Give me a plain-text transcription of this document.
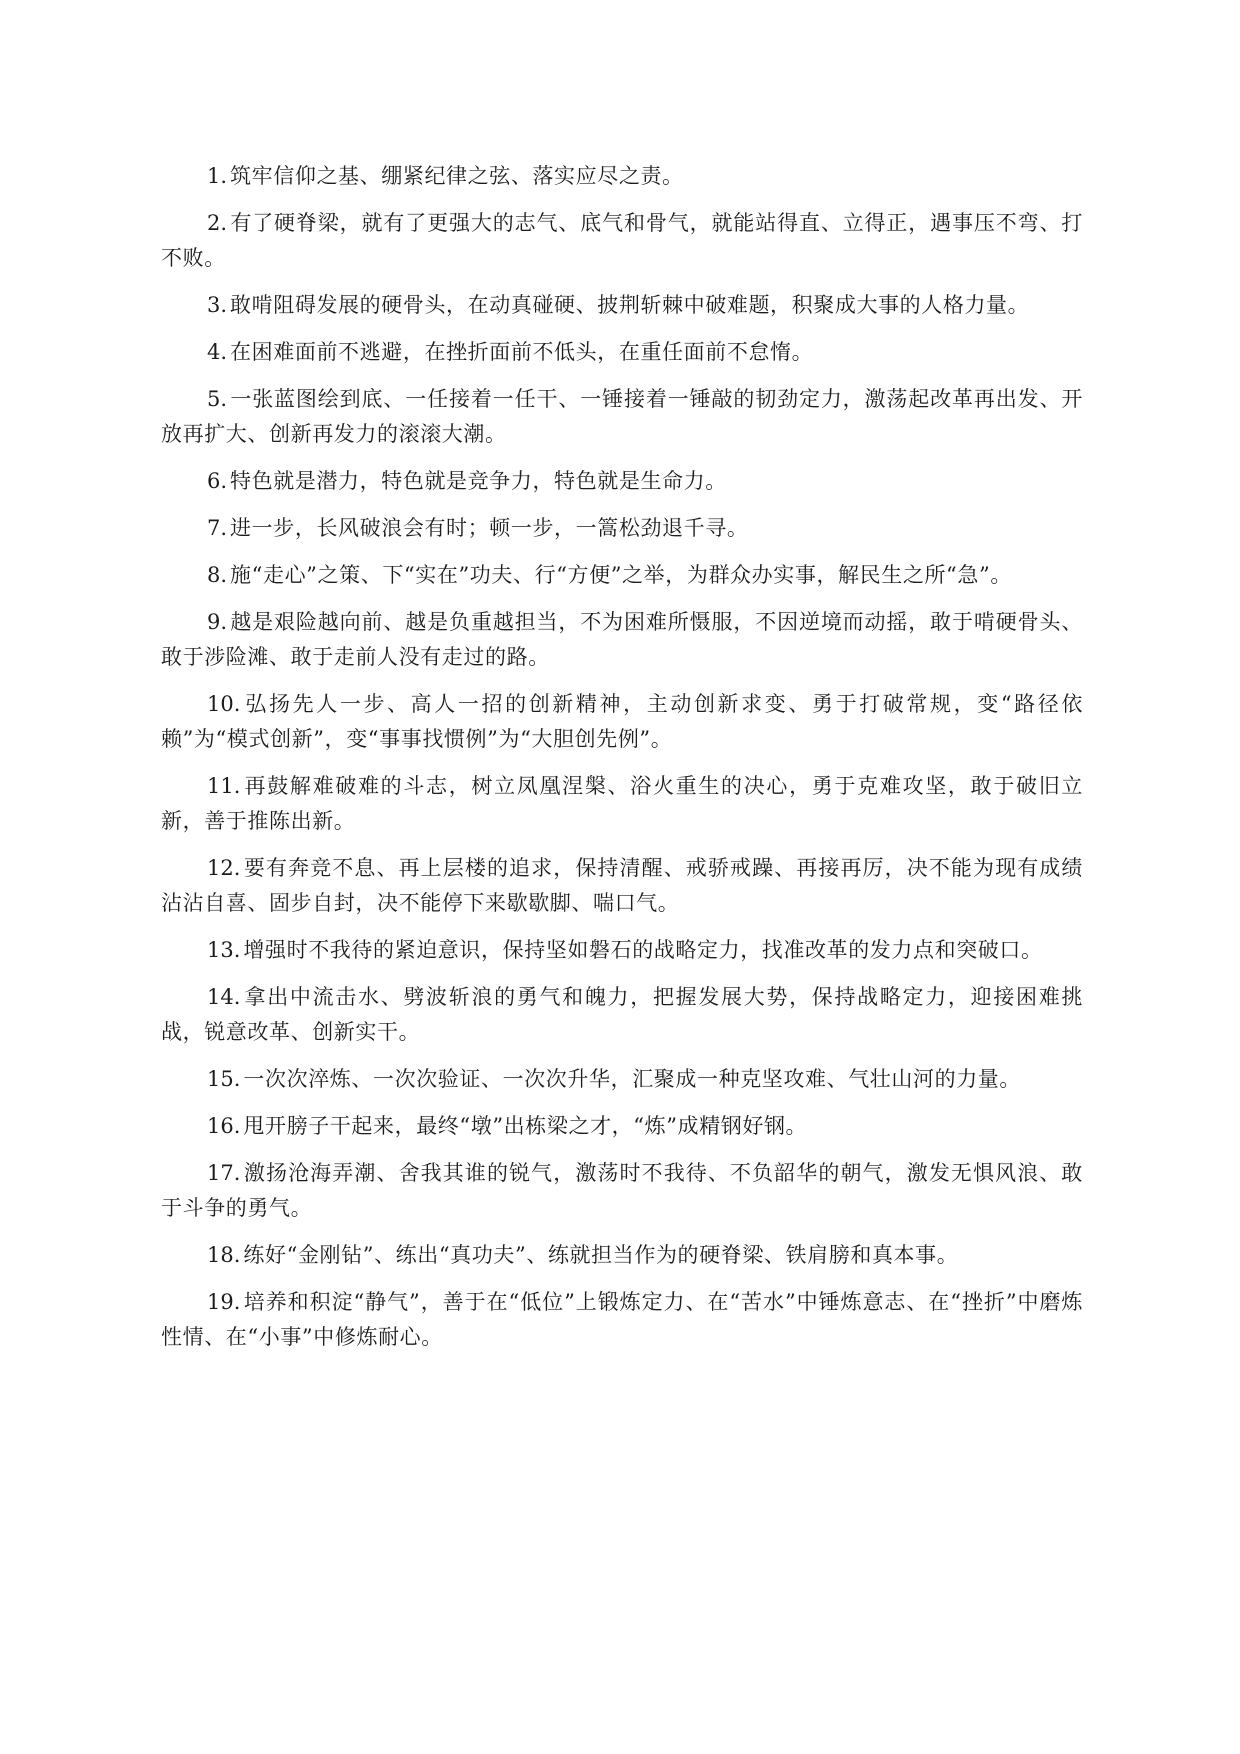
1. 筑牢信仰之基、绷紧纪律之弦、落实应尽之责。

2. 有了硬脊梁，就有了更强大的志气、底气和骨气，就能站得直、立得正，遇事压不弯、打不败。

3. 敢啃阻碍发展的硬骨头，在动真碰硬、披荆斩棘中破难题，积聚成大事的人格力量。

4. 在困难面前不逃避，在挫折面前不低头，在重任面前不怠惰。

5. 一张蓝图绘到底、一任接着一任干、一锤接着一锤敲的韧劲定力，激荡起改革再出发、开放再扩大、创新再发力的滚滚大潮。

6. 特色就是潜力，特色就是竞争力，特色就是生命力。

7. 进一步，长风破浪会有时；顿一步，一篙松劲退千寻。

8. 施“走心”之策、下“实在”功夫、行“方便”之举，为群众办实事，解民生之所“急”。

9. 越是艰险越向前、越是负重越担当，不为困难所慑服，不因逆境而动摇，敢于啃硬骨头、敢于涉险滩、敢于走前人没有走过的路。

10. 弘扬先人一步、高人一招的创新精神，主动创新求变、勇于打破常规，变“路径依赖”为“模式创新”，变“事事找惯例”为“大胆创先例”。

11. 再鼓解难破难的斗志，树立凤凰涅槃、浴火重生的决心，勇于克难攻坚，敢于破旧立新，善于推陈出新。

12. 要有奔竞不息、再上层楼的追求，保持清醒、戒骄戒躁、再接再厉，决不能为现有成绩沾沾自喜、固步自封，决不能停下来歇歇脚、喘口气。

13. 增强时不我待的紧迫意识，保持坚如磐石的战略定力，找准改革的发力点和突破口。

14. 拿出中流击水、劈波斩浪的勇气和魄力，把握发展大势，保持战略定力，迎接困难挑战，锐意改革、创新实干。

15. 一次次淬炼、一次次验证、一次次升华，汇聚成一种克坚攻难、气壮山河的力量。

16. 甩开膀子干起来，最终“墩”出栋梁之才，“炼”成精钢好钢。

17. 激扬沧海弄潮、舍我其谁的锐气，激荡时不我待、不负韶华的朝气，激发无惧风浪、敢于斗争的勇气。

18. 练好“金刚钻”、练出“真功夫”、练就担当作为的硬脊梁、铁肩膀和真本事。

19. 培养和积淀“静气”，善于在“低位”上锻炼定力、在“苦水”中锤炼意志、在“挫折”中磨炼性情、在“小事”中修炼耐心。
